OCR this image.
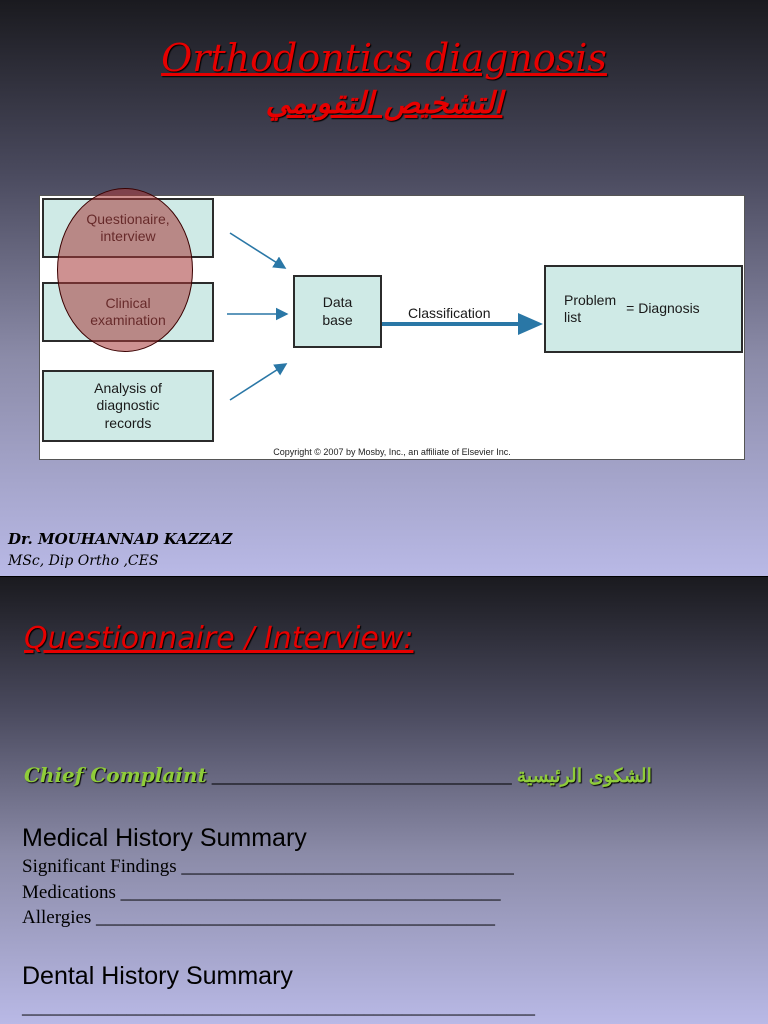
Orthodontics diagnosis
التشخيص التقويمي
Analysis of
diagnostic
records
Data
base	Classification
Problem
list
= Diagnosis
Copyright © 2007 by Mosby, Inc., an affiliate of Elsevier Inc.
Dr. MOUHANNAD KAZZAZ
MSc, Dip Ortho ,CES
Questionnaire / Interview:
Chief Complaint ______________________________ الشكوى الرئيسية
Medical History Summary
Significant Findings ___________________________________
Medications ________________________________________
Allergies __________________________________________
Dental History Summary
______________________________________________________
